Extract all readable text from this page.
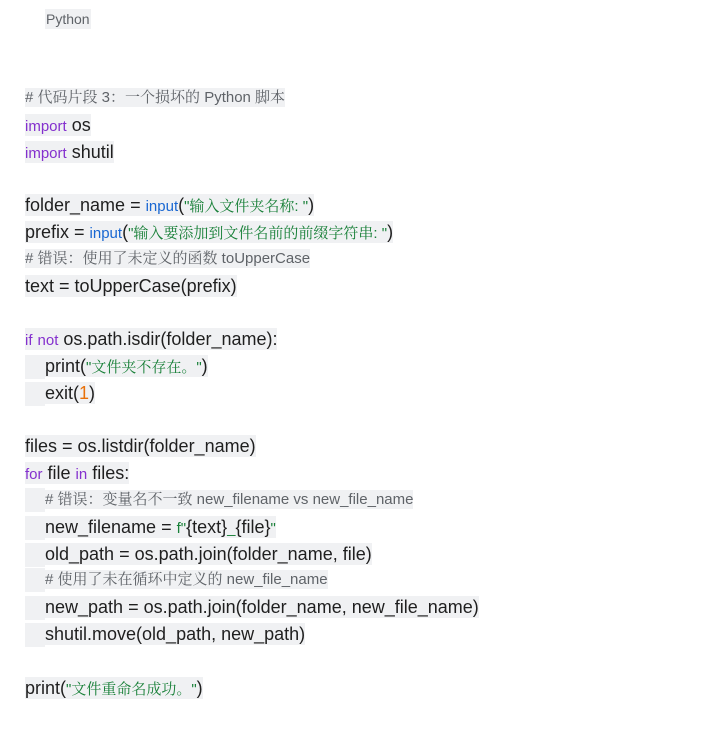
Python
# 代码片段 3：一个损坏的 Python 脚本
import os
import shutil
folder_name = input("输入文件夹名称: ")
prefix = input("输入要添加到文件名前的前缀字符串: ")
# 错误：使用了未定义的函数 toUpperCase
text = toUpperCase(prefix)
if not os.path.isdir(folder_name):
print("文件夹不存在。")
exit(1)
files = os.listdir(folder_name)
for file in files:
# 错误：变量名不一致 new_filename vs new_file_name
new_filename = f"{text}_{file}"
old_path = os.path.join(folder_name, file)
# 使用了未在循环中定义的 new_file_name
new_path = os.path.join(folder_name, new_file_name)
shutil.move(old_path, new_path)
print("文件重命名成功。")
